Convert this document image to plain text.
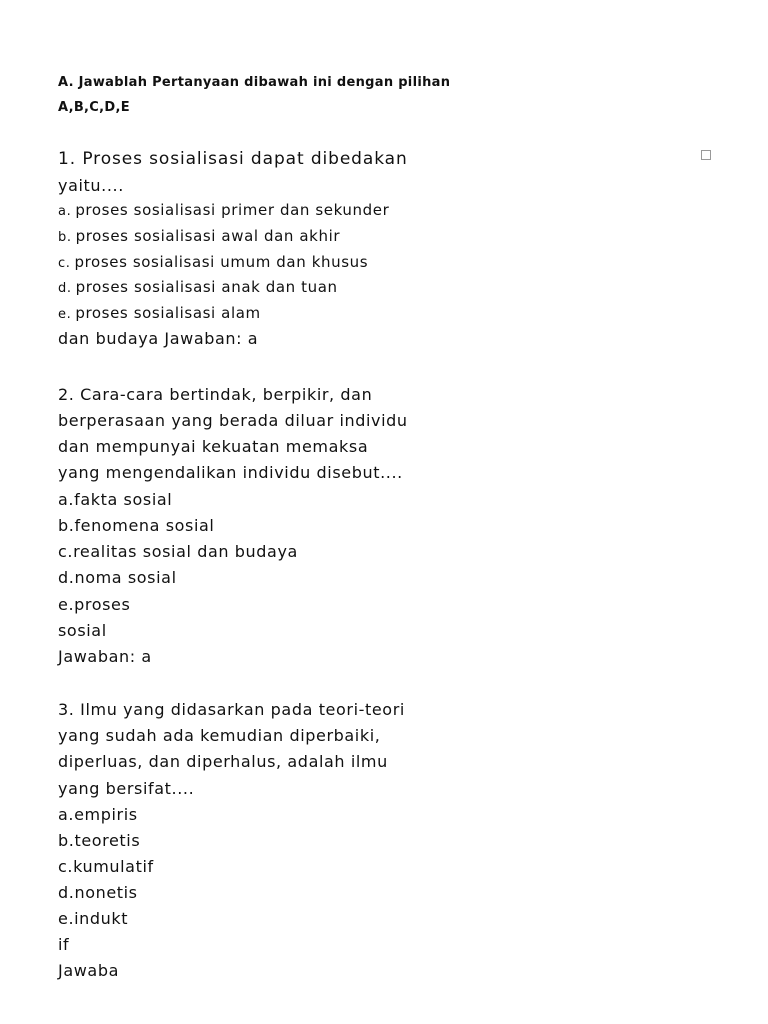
A. Jawablah Pertanyaan dibawah ini dengan pilihan
A,B,C,D,E
1. Proses sosialisasi dapat dibedakan
yaitu....
a. proses sosialisasi primer dan sekunder
b. proses sosialisasi awal dan akhir
c. proses sosialisasi umum dan khusus
d. proses sosialisasi anak dan tuan
e. proses sosialisasi alam
dan budaya Jawaban: a
2. Cara-cara bertindak, berpikir, dan
berperasaan yang berada diluar individu
dan mempunyai kekuatan memaksa
yang mengendalikan individu disebut....
a.fakta sosial
b.fenomena sosial
c.realitas sosial dan budaya
d.noma sosial
e.proses
sosial
Jawaban: a
3. Ilmu yang didasarkan pada teori-teori
yang sudah ada kemudian diperbaiki,
diperluas, dan diperhalus, adalah ilmu
yang bersifat....
a.empiris
b.teoretis
c.kumulatif
d.nonetis
e.indukt
if
Jawaba
